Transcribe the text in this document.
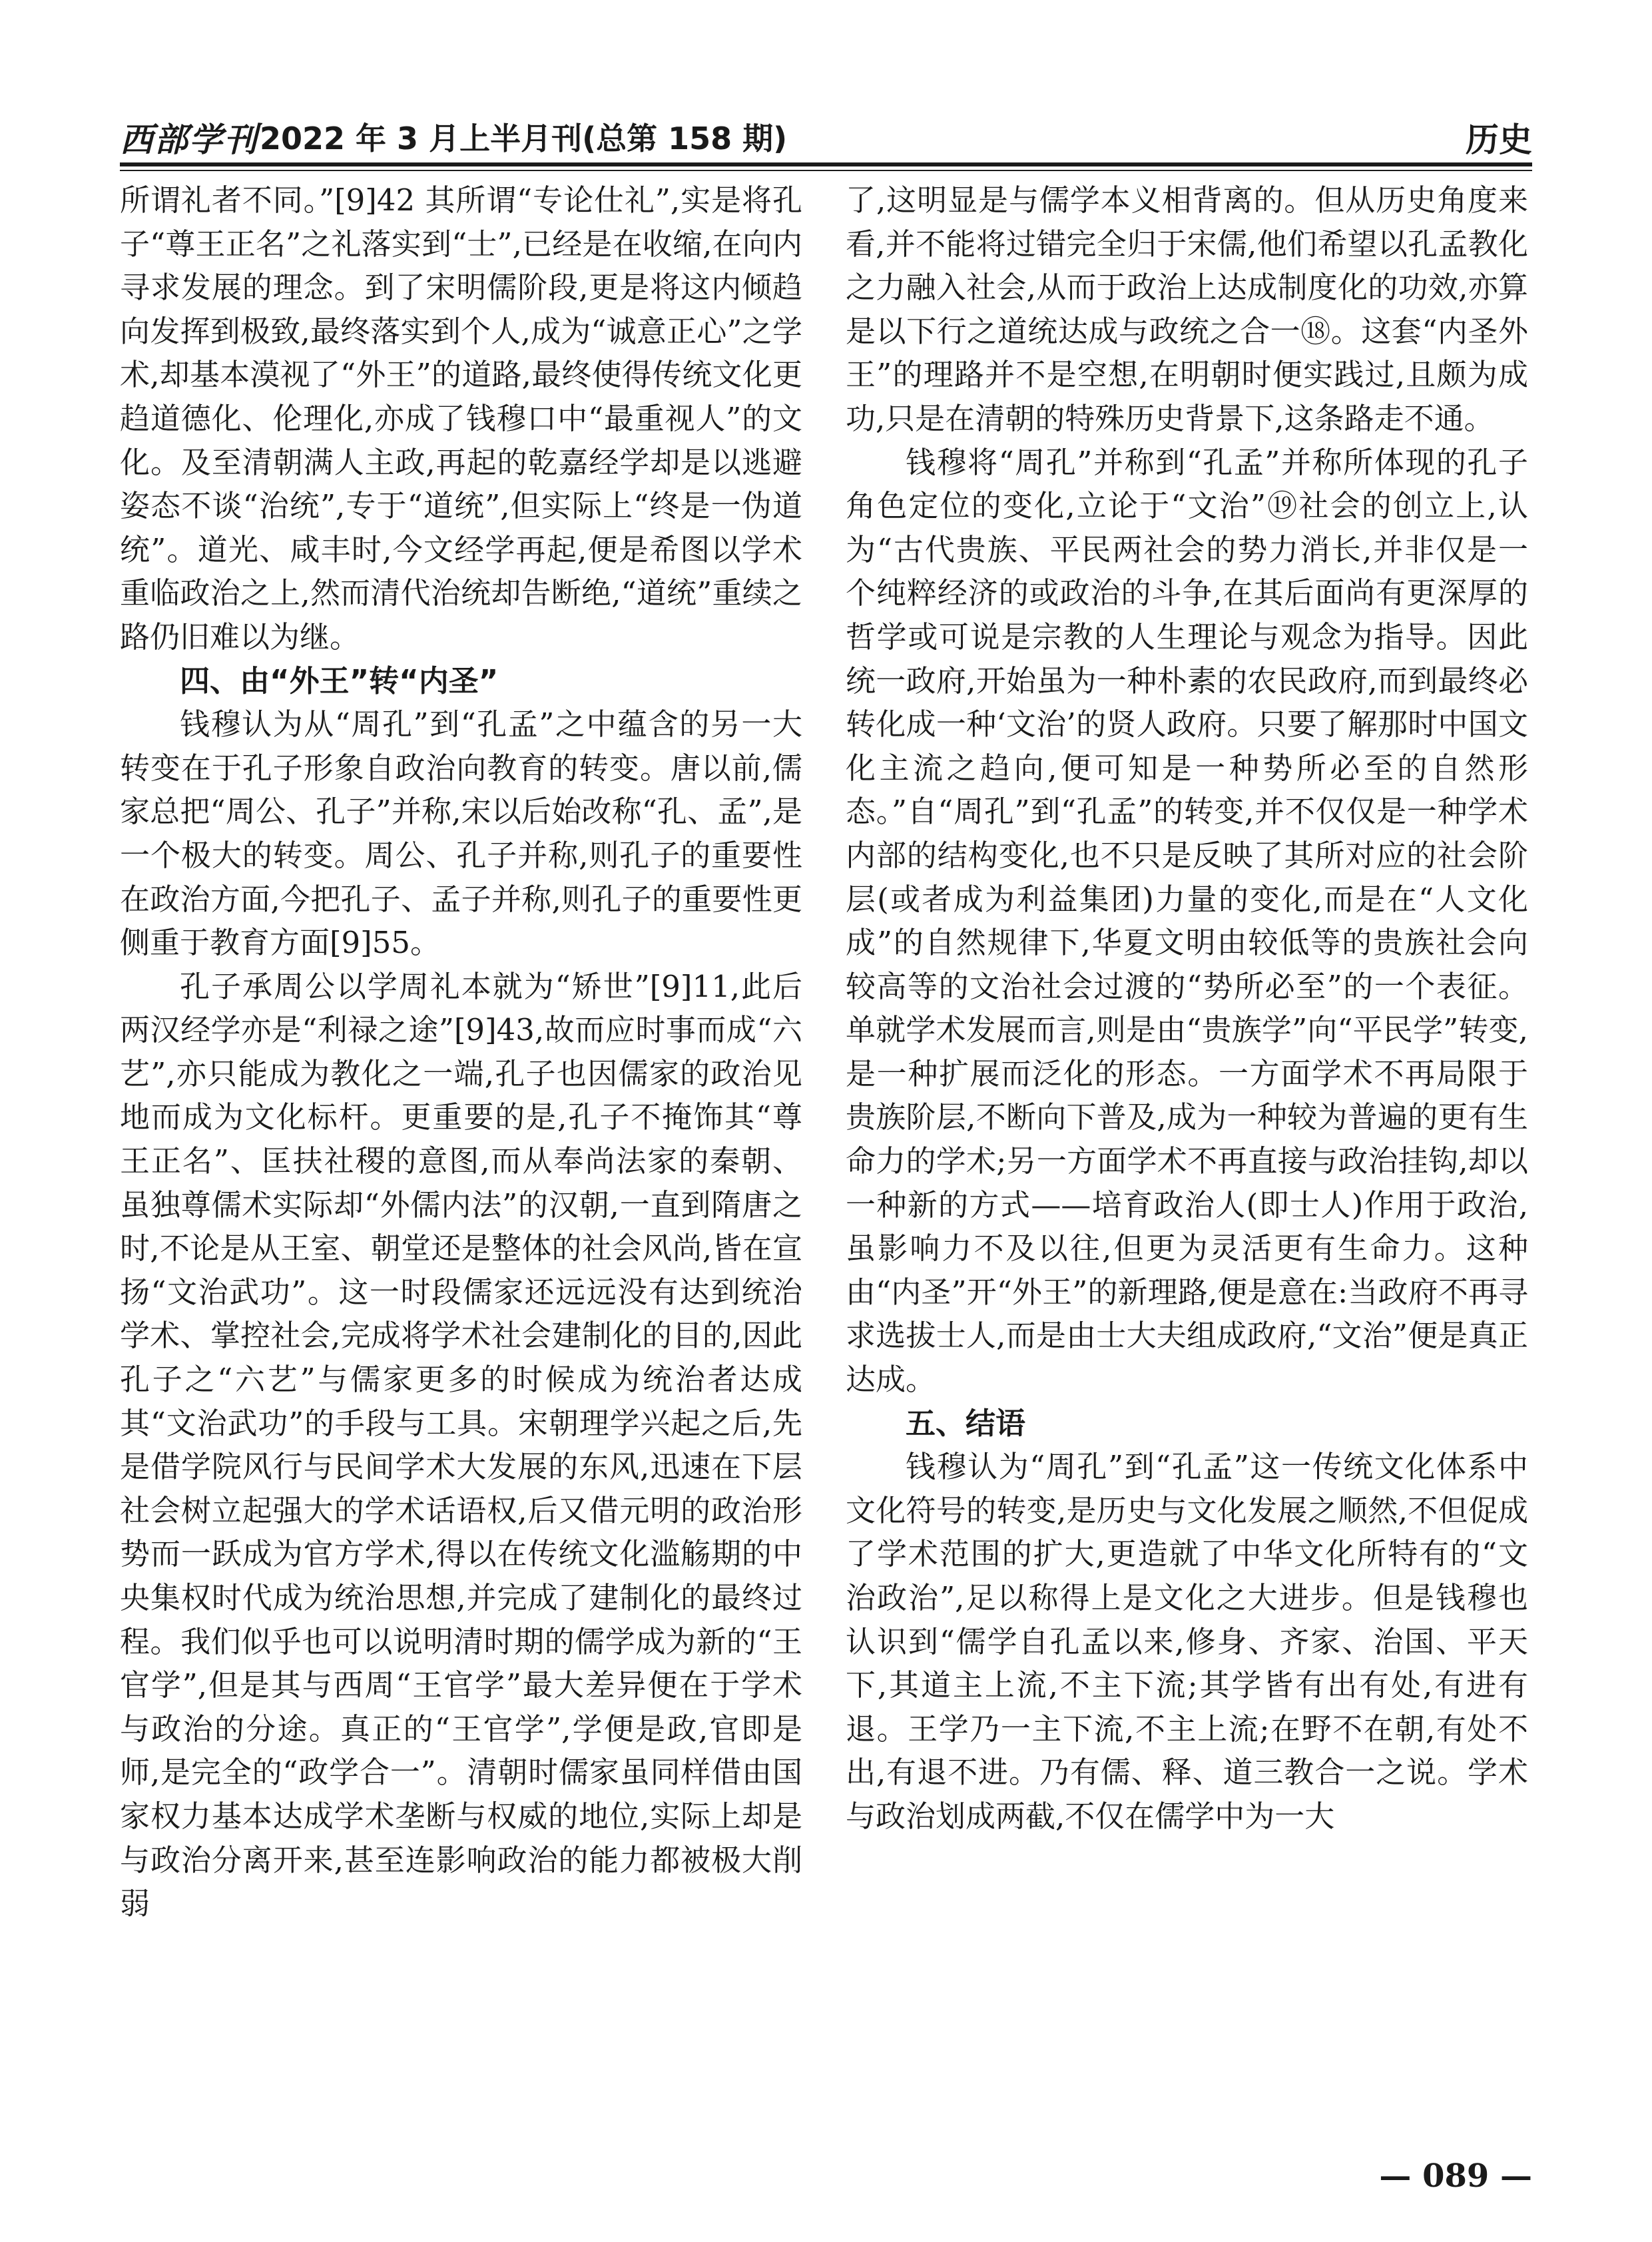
西部学刊 2022 年 3 月上半月刊(总第 158 期)	历史

所谓礼者不同。”[9]42 其所谓“专论仕礼”,实是将孔子“尊王正名”之礼落实到“士”,已经是在收缩,在向内寻求发展的理念。到了宋明儒阶段,更是将这内倾趋向发挥到极致,最终落实到个人,成为“诚意正心”之学术,却基本漠视了“外王”的道路,最终使得传统文化更趋道德化、伦理化,亦成了钱穆口中“最重视人”的文化。及至清朝满人主政,再起的乾嘉经学却是以逃避姿态不谈“治统”,专于“道统”,但实际上“终是一伪道统”。道光、咸丰时,今文经学再起,便是希图以学术重临政治之上,然而清代治统却告断绝,“道统”重续之路仍旧难以为继。

四、由“外王”转“内圣”

钱穆认为从“周孔”到“孔孟”之中蕴含的另一大转变在于孔子形象自政治向教育的转变。唐以前,儒家总把“周公、孔子”并称,宋以后始改称“孔、孟”,是一个极大的转变。周公、孔子并称,则孔子的重要性在政治方面,今把孔子、孟子并称,则孔子的重要性更侧重于教育方面[9]55。

孔子承周公以学周礼本就为“矫世”[9]11,此后两汉经学亦是“利禄之途”[9]43,故而应时事而成“六艺”,亦只能成为教化之一端,孔子也因儒家的政治见地而成为文化标杆。更重要的是,孔子不掩饰其“尊王正名”、匡扶社稷的意图,而从奉尚法家的秦朝、虽独尊儒术实际却“外儒内法”的汉朝,一直到隋唐之时,不论是从王室、朝堂还是整体的社会风尚,皆在宣扬“文治武功”。这一时段儒家还远远没有达到统治学术、掌控社会,完成将学术社会建制化的目的,因此孔子之“六艺”与儒家更多的时候成为统治者达成其“文治武功”的手段与工具。宋朝理学兴起之后,先是借学院风行与民间学术大发展的东风,迅速在下层社会树立起强大的学术话语权,后又借元明的政治形势而一跃成为官方学术,得以在传统文化滥觞期的中央集权时代成为统治思想,并完成了建制化的最终过程。我们似乎也可以说明清时期的儒学成为新的“王官学”,但是其与西周“王官学”最大差异便在于学术与政治的分途。真正的“王官学”,学便是政,官即是师,是完全的“政学合一”。清朝时儒家虽同样借由国家权力基本达成学术垄断与权威的地位,实际上却是与政治分离开来,甚至连影响政治的能力都被极大削弱

了,这明显是与儒学本义相背离的。但从历史角度来看,并不能将过错完全归于宋儒,他们希望以孔孟教化之力融入社会,从而于政治上达成制度化的功效,亦算是以下行之道统达成与政统之合一⑱。这套“内圣外王”的理路并不是空想,在明朝时便实践过,且颇为成功,只是在清朝的特殊历史背景下,这条路走不通。

钱穆将“周孔”并称到“孔孟”并称所体现的孔子角色定位的变化,立论于“文治”⑲社会的创立上,认为“古代贵族、平民两社会的势力消长,并非仅是一个纯粹经济的或政治的斗争,在其后面尚有更深厚的哲学或可说是宗教的人生理论与观念为指导。因此统一政府,开始虽为一种朴素的农民政府,而到最终必转化成一种‘文治’的贤人政府。只要了解那时中国文化主流之趋向,便可知是一种势所必至的自然形态。”自“周孔”到“孔孟”的转变,并不仅仅是一种学术内部的结构变化,也不只是反映了其所对应的社会阶层(或者成为利益集团)力量的变化,而是在“人文化成”的自然规律下,华夏文明由较低等的贵族社会向较高等的文治社会过渡的“势所必至”的一个表征。单就学术发展而言,则是由“贵族学”向“平民学”转变,是一种扩展而泛化的形态。一方面学术不再局限于贵族阶层,不断向下普及,成为一种较为普遍的更有生命力的学术;另一方面学术不再直接与政治挂钩,却以一种新的方式——培育政治人(即士人)作用于政治,虽影响力不及以往,但更为灵活更有生命力。这种由“内圣”开“外王”的新理路,便是意在:当政府不再寻求选拔士人,而是由士大夫组成政府,“文治”便是真正达成。

五、结语

钱穆认为“周孔”到“孔孟”这一传统文化体系中文化符号的转变,是历史与文化发展之顺然,不但促成了学术范围的扩大,更造就了中华文化所特有的“文治政治”,足以称得上是文化之大进步。但是钱穆也认识到“儒学自孔孟以来,修身、齐家、治国、平天下,其道主上流,不主下流;其学皆有出有处,有进有退。王学乃一主下流,不主上流;在野不在朝,有处不出,有退不进。乃有儒、释、道三教合一之说。学术与政治划成两截,不仅在儒学中为一大

— 089 —
